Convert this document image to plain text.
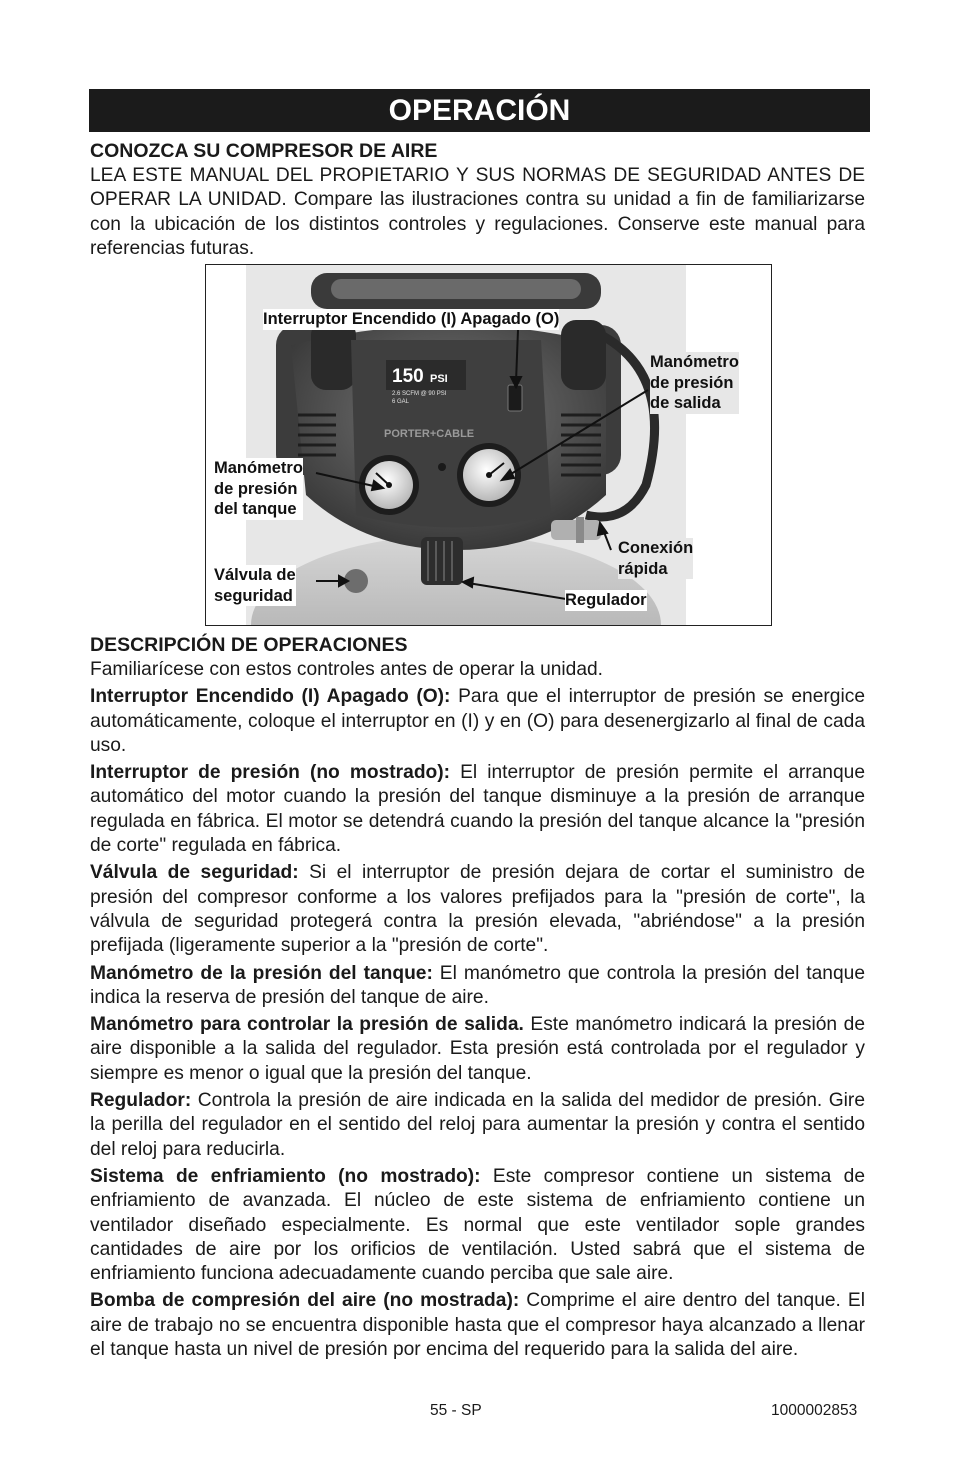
OPERACIÓN
CONOZCA SU COMPRESOR DE AIRE

LEA ESTE MANUAL DEL PROPIETARIO Y SUS NORMAS DE SEGURIDAD ANTES DE OPERAR LA UNIDAD. Compare las ilustraciones contra su unidad a fin de familiarizarse con la ubicación de los distintos controles y regulaciones. Conserve este manual para referencias futuras.

150 PSI
2.6 SCFM @ 90 PSI
6 GAL
PORTER+CABLE
Interruptor Encendido (I) Apagado (O)
Manómetro
de presión
de salida
Manómetro
de presión
del tanque
Conexión
rápida
Válvula de
seguridad	Regulador
DESCRIPCIÓN DE OPERACIONES

Familiarícese con estos controles antes de operar la unidad.

Interruptor Encendido (I) Apagado (O): Para que el interruptor de presión se energice automáticamente, coloque el interruptor en (I) y en (O) para desenergizarlo al final de cada uso.

Interruptor de presión (no mostrado): El interruptor de presión permite el arranque automático del motor cuando la presión del tanque disminuye a la presión de arranque regulada en fábrica. El motor se detendrá cuando la presión del tanque alcance la "presión de corte" regulada en fábrica.

Válvula de seguridad: Si el interruptor de presión dejara de cortar el suministro de presión del compresor conforme a los valores prefijados para la "presión de corte", la válvula de seguridad protegerá contra la presión elevada, "abriéndose" a la presión prefijada (ligeramente superior a la "presión de corte".

Manómetro de la presión del tanque: El manómetro que controla la presión del tanque indica la reserva de presión del tanque de aire.

Manómetro para controlar la presión de salida. Este manómetro indicará la presión de aire disponible a la salida del regulador. Esta presión está controlada por el regulador y siempre es menor o igual que la presión del tanque.

Regulador: Controla la presión de aire indicada en la salida del medidor de presión. Gire la perilla del regulador en el sentido del reloj para aumentar la presión y contra el sentido del reloj para reducirla.

Sistema de enfriamiento (no mostrado): Este compresor contiene un sistema de enfriamiento de avanzada. El núcleo de este sistema de enfriamiento contiene un ventilador diseñado especialmente. Es normal que este ventilador sople grandes cantidades de aire por los orificios de ventilación. Usted sabrá que el sistema de enfriamiento funciona adecuadamente cuando perciba que sale aire.

Bomba de compresión del aire (no mostrada): Comprime el aire dentro del tanque. El aire de trabajo no se encuentra disponible hasta que el compresor haya alcanzado a llenar el tanque hasta un nivel de presión por encima del requerido para la salida del aire.

55 - SP	1000002853
